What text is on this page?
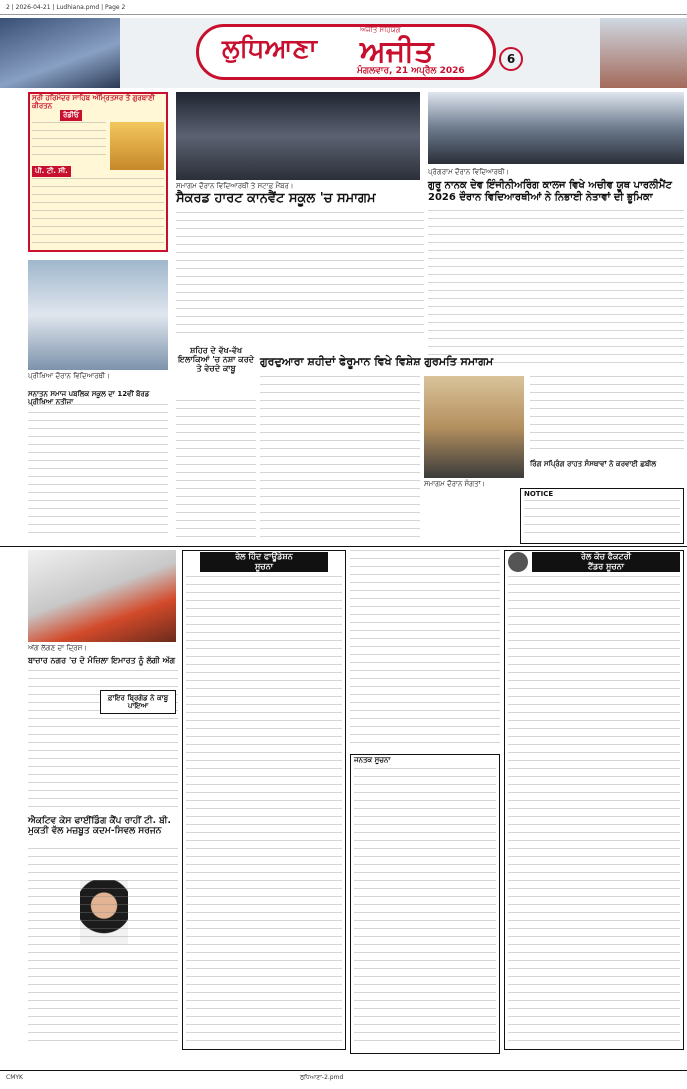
2 | 2026-04-21 | Ludhiana.pmd | Page 2
ਲੁਧਿਆਣਾ ਅਜੀਤ
ਅਜੀਤ ਸਹਿਯੋਗ
ਮੰਗਲਵਾਰ, 21 ਅਪ੍ਰੈਲ 2026
6
ਸ੍ਰੀ ਹਰਿਮੰਦਰ ਸਾਹਿਬ ਅੰਮ੍ਰਿਤਸਰ ਤੋਂ ਗੁਰਬਾਣੀ ਕੀਰਤਨ
ਰੇਡੀਓ
ਪੀ. ਟੀ. ਸੀ.
ਸਮਾਗਮ ਦੌਰਾਨ ਵਿਦਿਆਰਥੀ ਤੇ ਸਟਾਫ਼ ਮੈਂਬਰ।
ਸੈਕਰਡ ਹਾਰਟ ਕਾਨਵੈਂਟ ਸਕੂਲ 'ਚ ਸਮਾਗਮ
ਪ੍ਰੋਗਰਾਮ ਦੌਰਾਨ ਵਿਦਿਆਰਥੀ।
ਗੁਰੂ ਨਾਨਕ ਦੇਵ ਇੰਜੀਨੀਅਰਿੰਗ ਕਾਲਜ ਵਿਖੇ ਅਚੀਵ ਯੂਥ ਪਾਰਲੀਮੈਂਟ 2026 ਦੌਰਾਨ ਵਿਦਿਆਰਥੀਆਂ ਨੇ ਨਿਭਾਈ ਨੇਤਾਵਾਂ ਦੀ ਭੂਮਿਕਾ
ਪ੍ਰੀਖਿਆ ਦੌਰਾਨ ਵਿਦਿਆਰਥੀ।
ਸਨਾਤਨ ਸਮਾਜ ਪਬਲਿਕ ਸਕੂਲ ਦਾ 12ਵੀਂ ਬੋਰਡ ਪ੍ਰੀਖਿਆ ਨਤੀਜਾ
ਸ਼ਹਿਰ ਦੇ ਵੱਖ-ਵੱਖ ਇਲਾਕਿਆਂ 'ਚ ਨਸ਼ਾ ਕਰਦੇ ਤੇ ਵੇਚਦੇ ਕਾਬੂ
ਗੁਰਦੁਆਰਾ ਸ਼ਹੀਦਾਂ ਫੇਰੂਮਾਨ ਵਿਖੇ ਵਿਸ਼ੇਸ਼ ਗੁਰਮਤਿ ਸਮਾਗਮ
ਸਮਾਗਮ ਦੌਰਾਨ ਸੰਗਤਾਂ।
ਰਿੰਗ ਸਪ੍ਰਿੰਗ ਰਾਹਤ ਸੰਸਥਾਵਾਂ ਨੇ ਕਰਵਾਈ ਛਬੀਲ
NOTICE
ਅੱਗ ਲੱਗਣ ਦਾ ਦ੍ਰਿਸ਼।
ਬਾਜ਼ਾਰ ਨਗਰ 'ਚ ਦੋ ਮੰਜ਼ਿਲਾ ਇਮਾਰਤ ਨੂੰ ਲੱਗੀ ਅੱਗ
ਫ਼ਾਇਰ ਬ੍ਰਿਗੇਡ ਨੇ ਕਾਬੂ ਪਾਇਆ
ਐਕਟਿਵ ਕੇਸ ਫਾਈਂਡਿੰਗ ਕੈਂਪ ਰਾਹੀਂ ਟੀ. ਬੀ. ਮੁਕਤੀ ਵੱਲ ਮਜ਼ਬੂਤ ਕਦਮ-ਸਿਵਲ ਸਰਜਨ
ਰੇਲ ਹਿੰਦ ਫਾਊਂਡੇਸ਼ਨ
ਸੂਚਨਾ
ਜਨਤਕ ਸੂਚਨਾ
ਰੇਲ ਕੋਚ ਫੈਕਟਰੀ
ਟੈਂਡਰ ਸੂਚਨਾ
CMYK	ਲੁਧਿਆਣਾ-2.pmd
